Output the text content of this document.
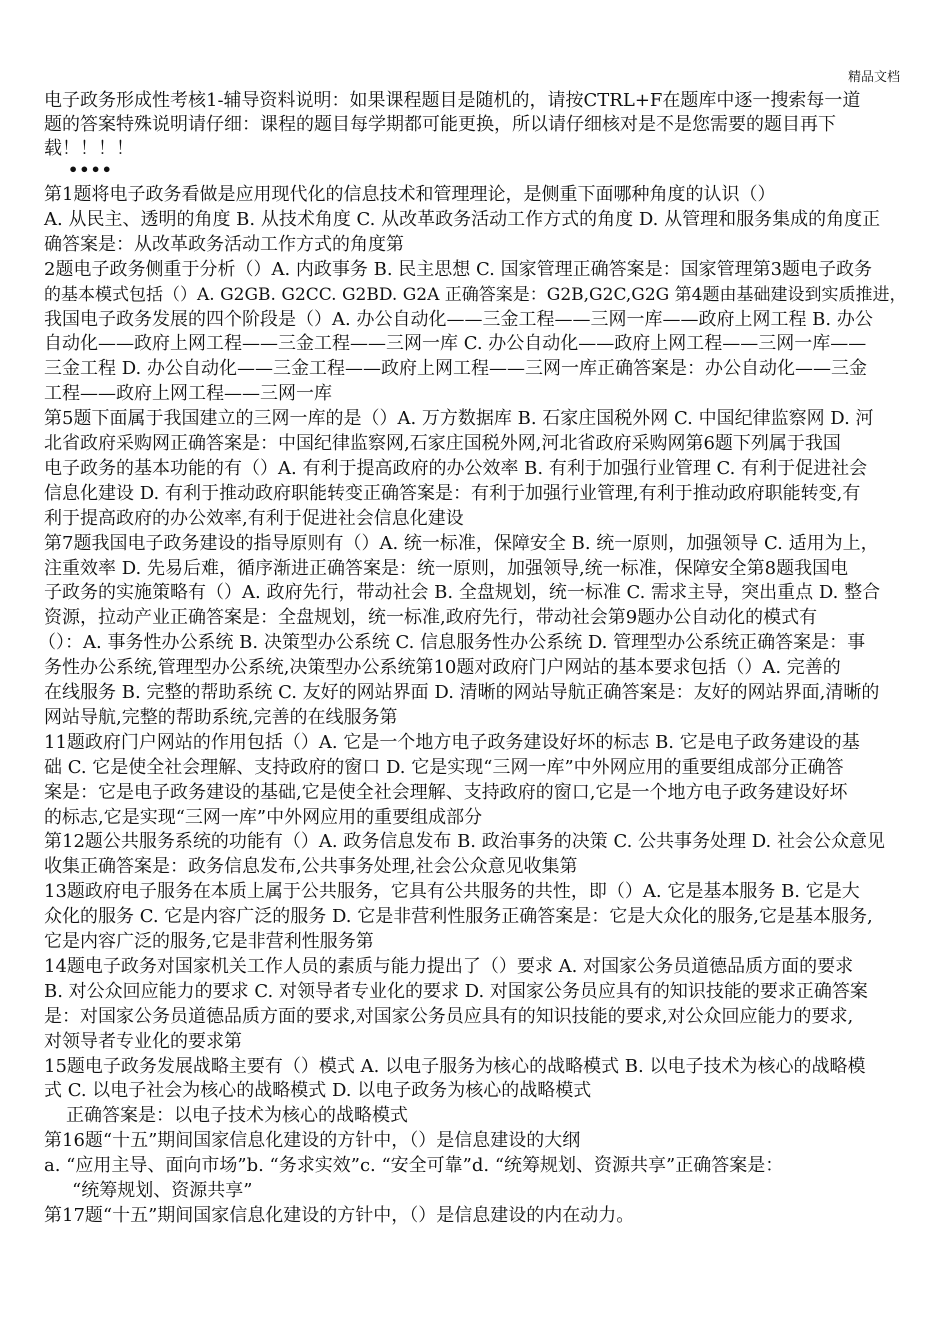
精品文档
电子政务形成性考核1-辅导资料说明：如果课程题目是随机的，请按CTRL+F在题库中逐一搜索每一道
题的答案特殊说明请仔细：课程的题目每学期都可能更换，所以请仔细核对是不是您需要的题目再下
载！！！！
••••
第1题将电子政务看做是应用现代化的信息技术和管理理论，是侧重下面哪种角度的认识（）
A. 从民主、透明的角度 B. 从技术角度 C. 从改革政务活动工作方式的角度 D. 从管理和服务集成的角度正
确答案是：从改革政务活动工作方式的角度第
2题电子政务侧重于分析（）A. 内政事务 B. 民主思想 C. 国家管理正确答案是：国家管理第3题电子政务
的基本模式包括（）A. G2GB. G2CC. G2BD. G2A 正确答案是：G2B,G2C,G2G 第4题由基础建设到实质推进，
我国电子政务发展的四个阶段是（）A. 办公自动化——三金工程——三网一库——政府上网工程 B. 办公
自动化——政府上网工程——三金工程——三网一库 C. 办公自动化——政府上网工程——三网一库——
三金工程 D. 办公自动化——三金工程——政府上网工程——三网一库正确答案是：办公自动化——三金
工程——政府上网工程——三网一库
第5题下面属于我国建立的三网一库的是（）A. 万方数据库 B. 石家庄国税外网 C. 中国纪律监察网 D. 河
北省政府采购网正确答案是：中国纪律监察网,石家庄国税外网,河北省政府采购网第6题下列属于我国
电子政务的基本功能的有（）A. 有利于提高政府的办公效率 B. 有利于加强行业管理 C. 有利于促进社会
信息化建设 D. 有利于推动政府职能转变正确答案是：有利于加强行业管理,有利于推动政府职能转变,有
利于提高政府的办公效率,有利于促进社会信息化建设
第7题我国电子政务建设的指导原则有（）A. 统一标准，保障安全 B. 统一原则，加强领导 C. 适用为上，
注重效率 D. 先易后难，循序渐进正确答案是：统一原则，加强领导,统一标准，保障安全第8题我国电
子政务的实施策略有（）A. 政府先行，带动社会 B. 全盘规划，统一标准 C. 需求主导，突出重点 D. 整合
资源，拉动产业正确答案是：全盘规划，统一标准,政府先行，带动社会第9题办公自动化的模式有
（）：A. 事务性办公系统 B. 决策型办公系统 C. 信息服务性办公系统 D. 管理型办公系统正确答案是：事
务性办公系统,管理型办公系统,决策型办公系统第10题对政府门户网站的基本要求包括（）A. 完善的
在线服务 B. 完整的帮助系统 C. 友好的网站界面 D. 清晰的网站导航正确答案是：友好的网站界面,清晰的
网站导航,完整的帮助系统,完善的在线服务第
11题政府门户网站的作用包括（）A. 它是一个地方电子政务建设好坏的标志 B. 它是电子政务建设的基
础 C. 它是使全社会理解、支持政府的窗口 D. 它是实现“三网一库”中外网应用的重要组成部分正确答
案是：它是电子政务建设的基础,它是使全社会理解、支持政府的窗口,它是一个地方电子政务建设好坏
的标志,它是实现“三网一库”中外网应用的重要组成部分
第12题公共服务系统的功能有（）A. 政务信息发布 B. 政治事务的决策 C. 公共事务处理 D. 社会公众意见
收集正确答案是：政务信息发布,公共事务处理,社会公众意见收集第
13题政府电子服务在本质上属于公共服务，它具有公共服务的共性，即（）A. 它是基本服务 B. 它是大
众化的服务 C. 它是内容广泛的服务 D. 它是非营利性服务正确答案是：它是大众化的服务,它是基本服务,
它是内容广泛的服务,它是非营利性服务第
14题电子政务对国家机关工作人员的素质与能力提出了（）要求 A. 对国家公务员道德品质方面的要求
B. 对公众回应能力的要求 C. 对领导者专业化的要求 D. 对国家公务员应具有的知识技能的要求正确答案
是：对国家公务员道德品质方面的要求,对国家公务员应具有的知识技能的要求,对公众回应能力的要求,
对领导者专业化的要求第
15题电子政务发展战略主要有（）模式 A. 以电子服务为核心的战略模式 B. 以电子技术为核心的战略模
式 C. 以电子社会为核心的战略模式 D. 以电子政务为核心的战略模式
正确答案是：以电子技术为核心的战略模式
第16题“十五”期间国家信息化建设的方针中，（）是信息建设的大纲
a. “应用主导、面向市场”b. “务求实效”c. “安全可靠”d. “统筹规划、资源共享”正确答案是：
“统筹规划、资源共享”
第17题“十五”期间国家信息化建设的方针中，（）是信息建设的内在动力。
